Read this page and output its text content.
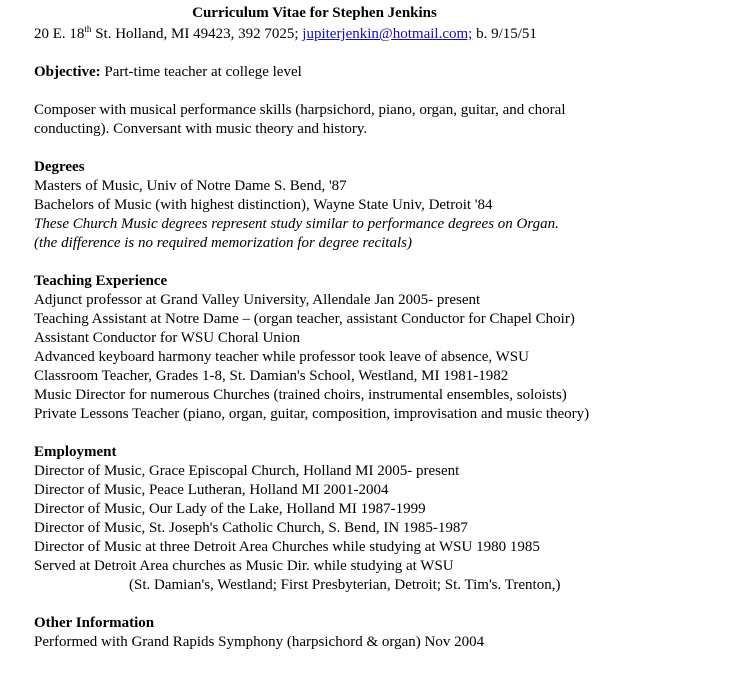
Curriculum Vitae for Stephen Jenkins
20 E. 18th St. Holland, MI 49423, 392 7025; jupiterjenkin@hotmail.com; b. 9/15/51
Objective: Part-time teacher at college level
Composer with musical performance skills (harpsichord, piano, organ, guitar, and choral
conducting). Conversant with music theory and history.
Degrees
Masters of Music, Univ of Notre Dame S. Bend, '87
Bachelors of Music (with highest distinction), Wayne State Univ, Detroit '84
These Church Music degrees represent study similar to performance degrees on Organ.
(the difference is no required memorization for degree recitals)
Teaching Experience
Adjunct professor at Grand Valley University, Allendale Jan 2005- present
Teaching Assistant at Notre Dame – (organ teacher, assistant Conductor for Chapel Choir)
Assistant Conductor for WSU Choral Union
Advanced keyboard harmony teacher while professor took leave of absence, WSU
Classroom Teacher, Grades 1-8, St. Damian's School, Westland, MI 1981-1982
Music Director for numerous Churches (trained choirs, instrumental ensembles, soloists)
Private Lessons Teacher (piano, organ, guitar, composition, improvisation and music theory)
Employment
Director of Music, Grace Episcopal Church, Holland MI 2005- present
Director of Music, Peace Lutheran, Holland MI 2001-2004
Director of Music, Our Lady of the Lake, Holland MI 1987-1999
Director of Music, St. Joseph's Catholic Church, S. Bend, IN 1985-1987
Director of Music at three Detroit Area Churches while studying at WSU 1980 1985
Served at Detroit Area churches as Music Dir. while studying at WSU
(St. Damian's, Westland; First Presbyterian, Detroit; St. Tim's. Trenton,)
Other Information
Performed with Grand Rapids Symphony (harpsichord & organ) Nov 2004
